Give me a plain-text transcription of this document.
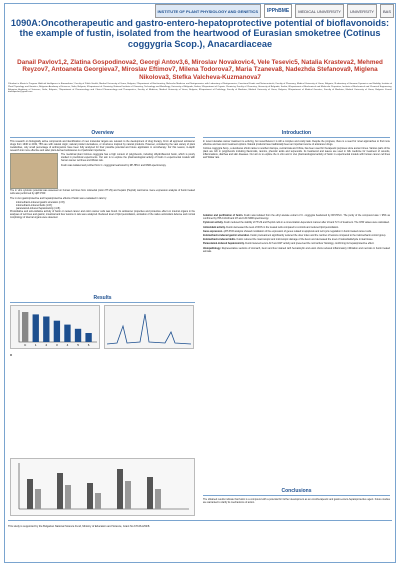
INSTITUTE OF PLANT PHYSIOLOGY AND GENETICS	IPPhBME	MEDICAL UNIVERSITY	UNIVERSITY	BAS
1090A:Oncotherapeutic and gastro-entero-hepatoprotective potential of bioflavonoids: the example of fustin, isolated from the heartwood of Eurasian smoketree (Cotinus coggygria Scop.), Anacardiaceae
Danail Pavlov1,2, Zlatina Gospodinova2, Georgi Antov3,6, Miroslav Novakovic4, Vele Tesevic5, Natalia Krasteva2, Mehmed Reyzov7, Antoaneta Georgieva7, Miroslav Eftimov7, Milena Todorova7, Maria Tzaneva8, Nadezhda Stefanova9, Miglena Nikolova3, Stefka Valcheva-Kuzmanova7
1Student in Master's Program ‘Artificial Intelligence in Biomedicine’, Faculty of Public Health, Medical University of Varna, Bulgaria; 2Department of Biochemistry, Molecular Medicine and Nutrigenomics with Laboratory of Nutrigenomics, Functional Foods and Nutraceuticals, Faculty of Pharmacy, Medical University of Varna, Bulgaria; 3Laboratory of Genome Dynamics and Stability, Institute of Plant Physiology and Genetics, Bulgarian Academy of Sciences, Sofia, Bulgaria; 4Department of Chemistry, National Institute of Chemistry, Technology and Metallurgy, University of Belgrade, Serbia; 5Department of Organic Chemistry, Faculty of Chemistry, University of Belgrade, Serbia; 6Department of Biochemical and Molecular Properties, Institute of Biochemical and Chemical Engineering, Bulgarian Academy of Sciences, Sofia, Bulgaria; 7Department of Pharmacology and Clinical Pharmacology and Therapeutics, Faculty of Medicine, Medical University of Varna, Bulgaria; 8Department of Pathology, Faculty of Medicine, Medical University of Varna, Bulgaria; 9Department of Medical Genetics, Faculty of Medicine, Medical University of Varna, Bulgaria. E-mail: danailpavlov@gmail.com
Overview

This research on biologically active compounds and identification of new molecular targets are relevant to the development of drug therapy. From all approved anticancer drugs from 1946 to 2019, 75% are with natural origin; natural product derivatives, or structures inspired by natural products. However, considering the vast variety of plant metabolites, only small percentage of anthocyanins have been fully analyzed for their possible potential and future application in oncotherapy. For this reason, in-depth research into more effective and safer plant-derived substances is of particular importance.

The medicinal plant Cotinus coggygria has a high content of polyphenols, including dihydroflavonol fustin, which is poorly studied in preclinical experiments. Our aim is to explore the pharmacological activity of fustin in experimental models with human cancer cell lines and Wistar rats.

Fustin was isolated and purified from C. coggygria heartwood by RP-HPLC and NMR-spectroscopy.

The in vitro cytotoxic potential was assessed on human cell lines from colorectal (colon HT-29) and hepatic (HepG2) carcinoma. Gene expression analysis of fustin treated cells was performed by qRT-PCR.

The in vivo gastroprotective and hepatoprotective effects of fustin were evaluated in rats by:

• indomethacin-induced gastric ulceration (n=8);
• indomethacin-induced ileitis (n=8);
• paracetamol-induced hepatotoxicity (n=8).

Prooxidative and anti-oxidative activity of fustin on tested cancer and colon cancer cells was found. Its anticancer properties and protective effect on internal organs in the analyses of cell lines and gastric, intestinal and liver lesions in rats were analyzed. Reduced level of lipid peroxidation, activation of the native antioxidant defense and normal morphology of internal organs were detected.

Introduction

In recent decades cancer treatment is evolving, but nevertheless it is still a complex and costly task. Despite the progress, there is a need for novel approaches to find more effective and less toxic treatment options. Natural products have traditionally been an important source of anticancer drugs.

Cotinus coggygria Scop., a deciduous shrub native to southern Europe, central Asia and China, has been used for therapeutic purposes since ancient times. Various parts of the plant are rich in polyphenols including flavonoids, tannins, phenolic acids and terpenoids. Its heartwood and leaves are used in folk medicine for treatment of wounds, inflammations, diarrhea and skin diseases. Our aim is to explore the in vitro and in vivo pharmacological activity of fustin in experimental models with human cancer cell lines and Wistar rats.

Results
C	1	2	3	4	5	6

Isolation and purification of fustin. Fustin was isolated from the ethyl acetate extract of C. coggygria heartwood by RP-HPLC. The purity of the compound was > 95% as confirmed by HPLC-DAD and 1H and 13C NMR spectroscopy.

Cytotoxic activity. Fustin reduced the viability of HT-29 and HepG2 cells in a concentration-dependent manner after 24 and 72 h of treatment. The IC50 values were calculated.

Antioxidant activity. Fustin decreased the level of ROS in the treated cells compared to controls and reduced lipid peroxidation.

Gene expression. qRT-PCR analysis showed modulation of the expression of genes related to apoptosis and cell cycle regulation in fustin treated cancer cells.

Indomethacin-induced gastric ulceration. Fustin pretreatment significantly reduced the ulcer index and the number of lesions compared to the indomethacin control group.

Indomethacin-induced ileitis. Fustin reduced the macroscopic and microscopic damage of the ileum and decreased the level of malondialdehyde in ileal tissue.

Paracetamol-induced hepatotoxicity. Fustin lowered serum ALT and AST activity and preserved the normal liver histology, confirming its hepatoprotective effect.

Histopathology. Representative sections of stomach, ileum and liver stained with hematoxylin and eosin show reduced inflammatory infiltration and necrosis in fustin treated animals.

Conclusions
The obtained results indicate that fustin is a compound with a potential for further development as an oncotherapeutic and gastro-entero-hepatoprotective agent. Future studies are warranted to clarify its mechanisms of action.
This study is supported by the Bulgarian National Science Fund, Ministry of Education and Science, Grant No KП-06-Н53/8.
